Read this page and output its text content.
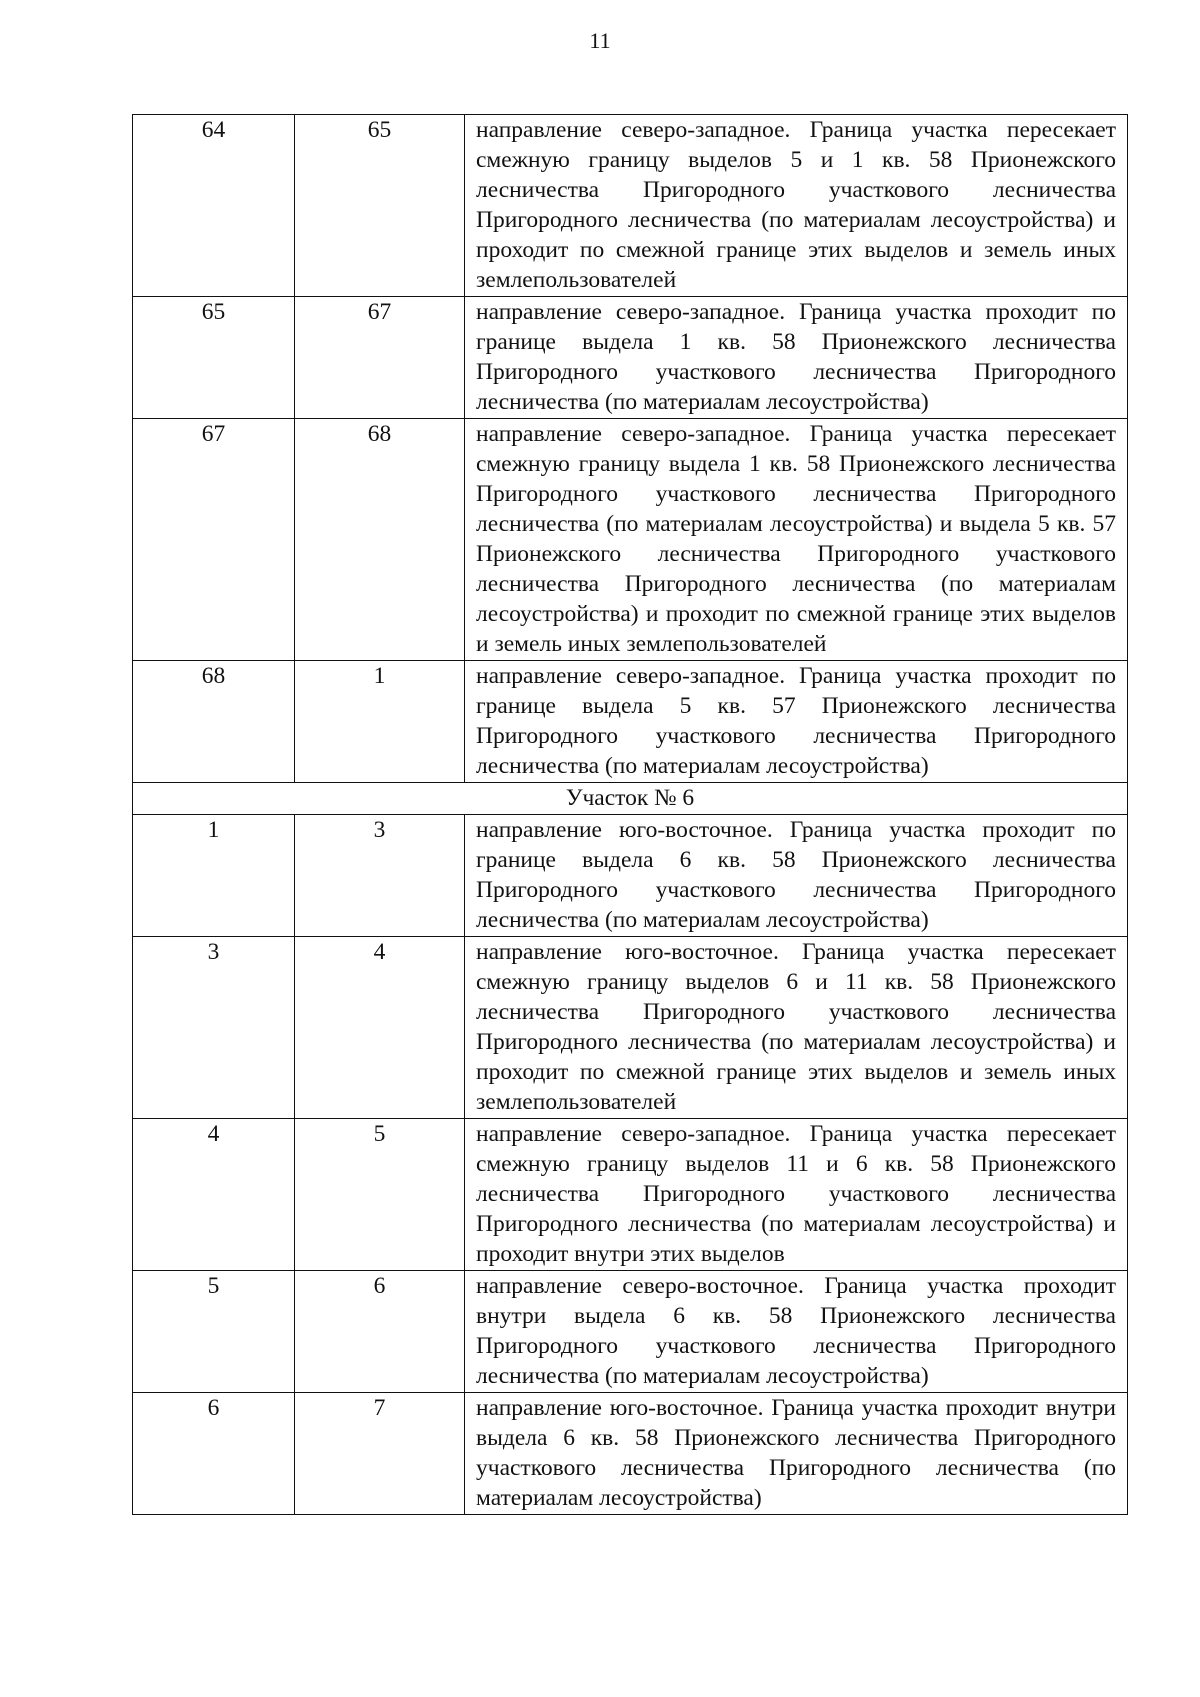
11
64	65	направление северо-западное. Граница участка пересекает смежную границу выделов 5 и 1 кв. 58 Прионежского лесничества Пригородного участкового лесничества Пригородного лесничества (по материалам лесоустройства) и проходит по смежной границе этих выделов и земель иных землепользователей
65	67	направление северо-западное. Граница участка проходит по границе выдела 1 кв. 58 Прионежского лесничества Пригородного участкового лесничества Пригородного лесничества (по материалам лесоустройства)
67	68	направление северо-западное. Граница участка пересекает смежную границу выдела 1 кв. 58 Прионежского лесничества Пригородного участкового лесничества Пригородного лесничества (по материалам лесоустройства) и выдела 5 кв. 57 Прионежского лесничества Пригородного участкового лесничества Пригородного лесничества (по материалам лесоустройства) и проходит по смежной границе этих выделов и земель иных землепользователей
68	1	направление северо-западное. Граница участка проходит по границе выдела 5 кв. 57 Прионежского лесничества Пригородного участкового лесничества Пригородного лесничества (по материалам лесоустройства)
Участок № 6		
1	3	направление юго-восточное. Граница участка проходит по границе выдела 6 кв. 58 Прионежского лесничества Пригородного участкового лесничества Пригородного лесничества (по материалам лесоустройства)
3	4	направление юго-восточное. Граница участка пересекает смежную границу выделов 6 и 11 кв. 58 Прионежского лесничества Пригородного участкового лесничества Пригородного лесничества (по материалам лесоустройства) и проходит по смежной границе этих выделов и земель иных землепользователей
4	5	направление северо-западное. Граница участка пересекает смежную границу выделов 11 и 6 кв. 58 Прионежского лесничества Пригородного участкового лесничества Пригородного лесничества (по материалам лесоустройства) и проходит внутри этих выделов
5	6	направление северо-восточное. Граница участка проходит внутри выдела 6 кв. 58 Прионежского лесничества Пригородного участкового лесничества Пригородного лесничества (по материалам лесоустройства)
6	7	направление юго-восточное. Граница участка проходит внутри выдела 6 кв. 58 Прионежского лесничества Пригородного участкового лесничества Пригородного лесничества (по материалам лесоустройства)
